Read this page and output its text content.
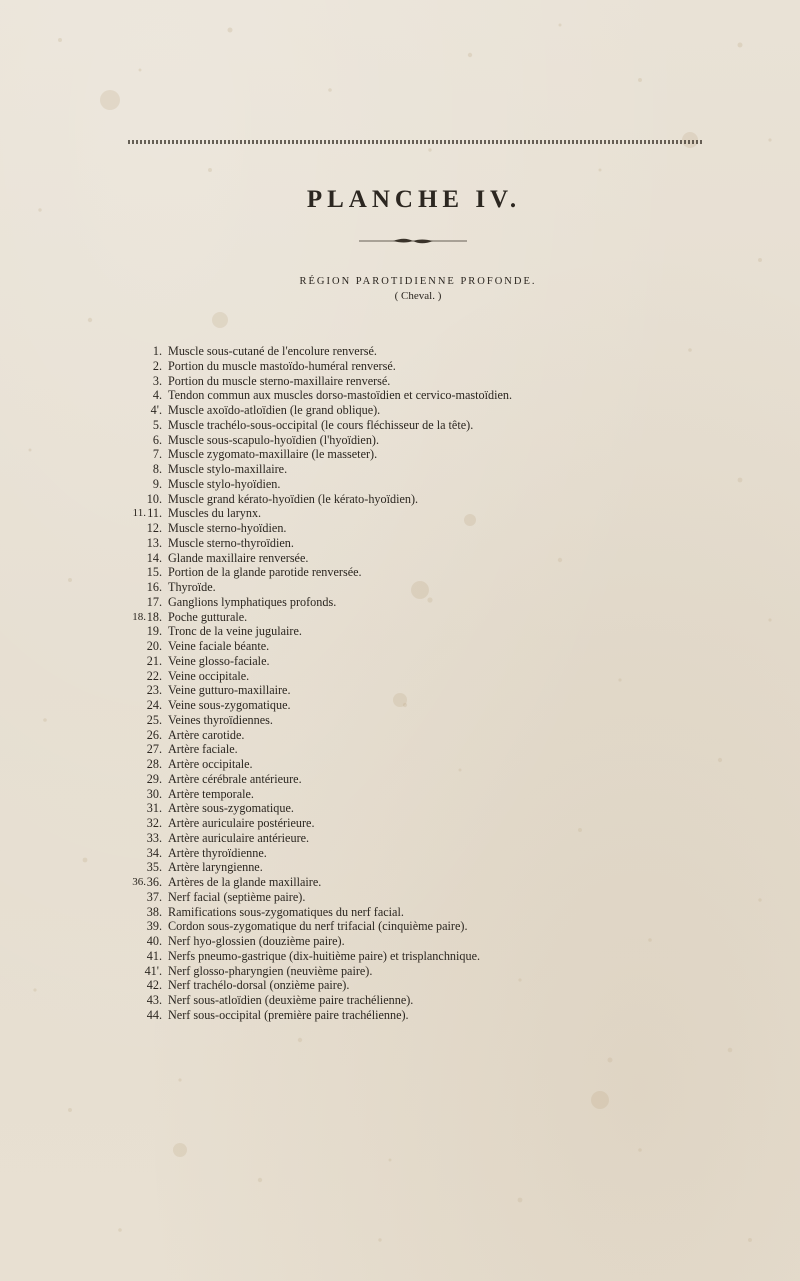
PLANCHE IV.
RÉGION PAROTIDIENNE PROFONDE.
( Cheval. )
1. Muscle sous-cutané de l'encolure renversé.
2. Portion du muscle mastoïdo-huméral renversé.
3. Portion du muscle sterno-maxillaire renversé.
4. Tendon commun aux muscles dorso-mastoïdien et cervico-mastoïdien.
4'. Muscle axoïdo-atloïdien (le grand oblique).
5. Muscle trachélo-sous-occipital (le cours fléchisseur de la tête).
6. Muscle sous-scapulo-hyoïdien (l'hyoïdien).
7. Muscle zygomato-maxillaire (le masseter).
8. Muscle stylo-maxillaire.
9. Muscle stylo-hyoïdien.
10. Muscle grand kérato-hyoïdien (le kérato-hyoïdien).
11. 11. Muscles du larynx.
12. Muscle sterno-hyoïdien.
13. Muscle sterno-thyroïdien.
14. Glande maxillaire renversée.
15. Portion de la glande parotide renversée.
16. Thyroïde.
17. Ganglions lymphatiques profonds.
18. 18. Poche gutturale.
19. Tronc de la veine jugulaire.
20. Veine faciale béante.
21. Veine glosso-faciale.
22. Veine occipitale.
23. Veine gutturo-maxillaire.
24. Veine sous-zygomatique.
25. Veines thyroïdiennes.
26. Artère carotide.
27. Artère faciale.
28. Artère occipitale.
29. Artère cérébrale antérieure.
30. Artère temporale.
31. Artère sous-zygomatique.
32. Artère auriculaire postérieure.
33. Artère auriculaire antérieure.
34. Artère thyroïdienne.
35. Artère laryngienne.
36. 36. Artères de la glande maxillaire.
37. Nerf facial (septième paire).
38. Ramifications sous-zygomatiques du nerf facial.
39. Cordon sous-zygomatique du nerf trifacial (cinquième paire).
40. Nerf hyo-glossien (douzième paire).
41. Nerfs pneumo-gastrique (dix-huitième paire) et trisplanchnique.
41'. Nerf glosso-pharyngien (neuvième paire).
42. Nerf trachélo-dorsal (onzième paire).
43. Nerf sous-atloïdien (deuxième paire trachélienne).
44. Nerf sous-occipital (première paire trachélienne).
